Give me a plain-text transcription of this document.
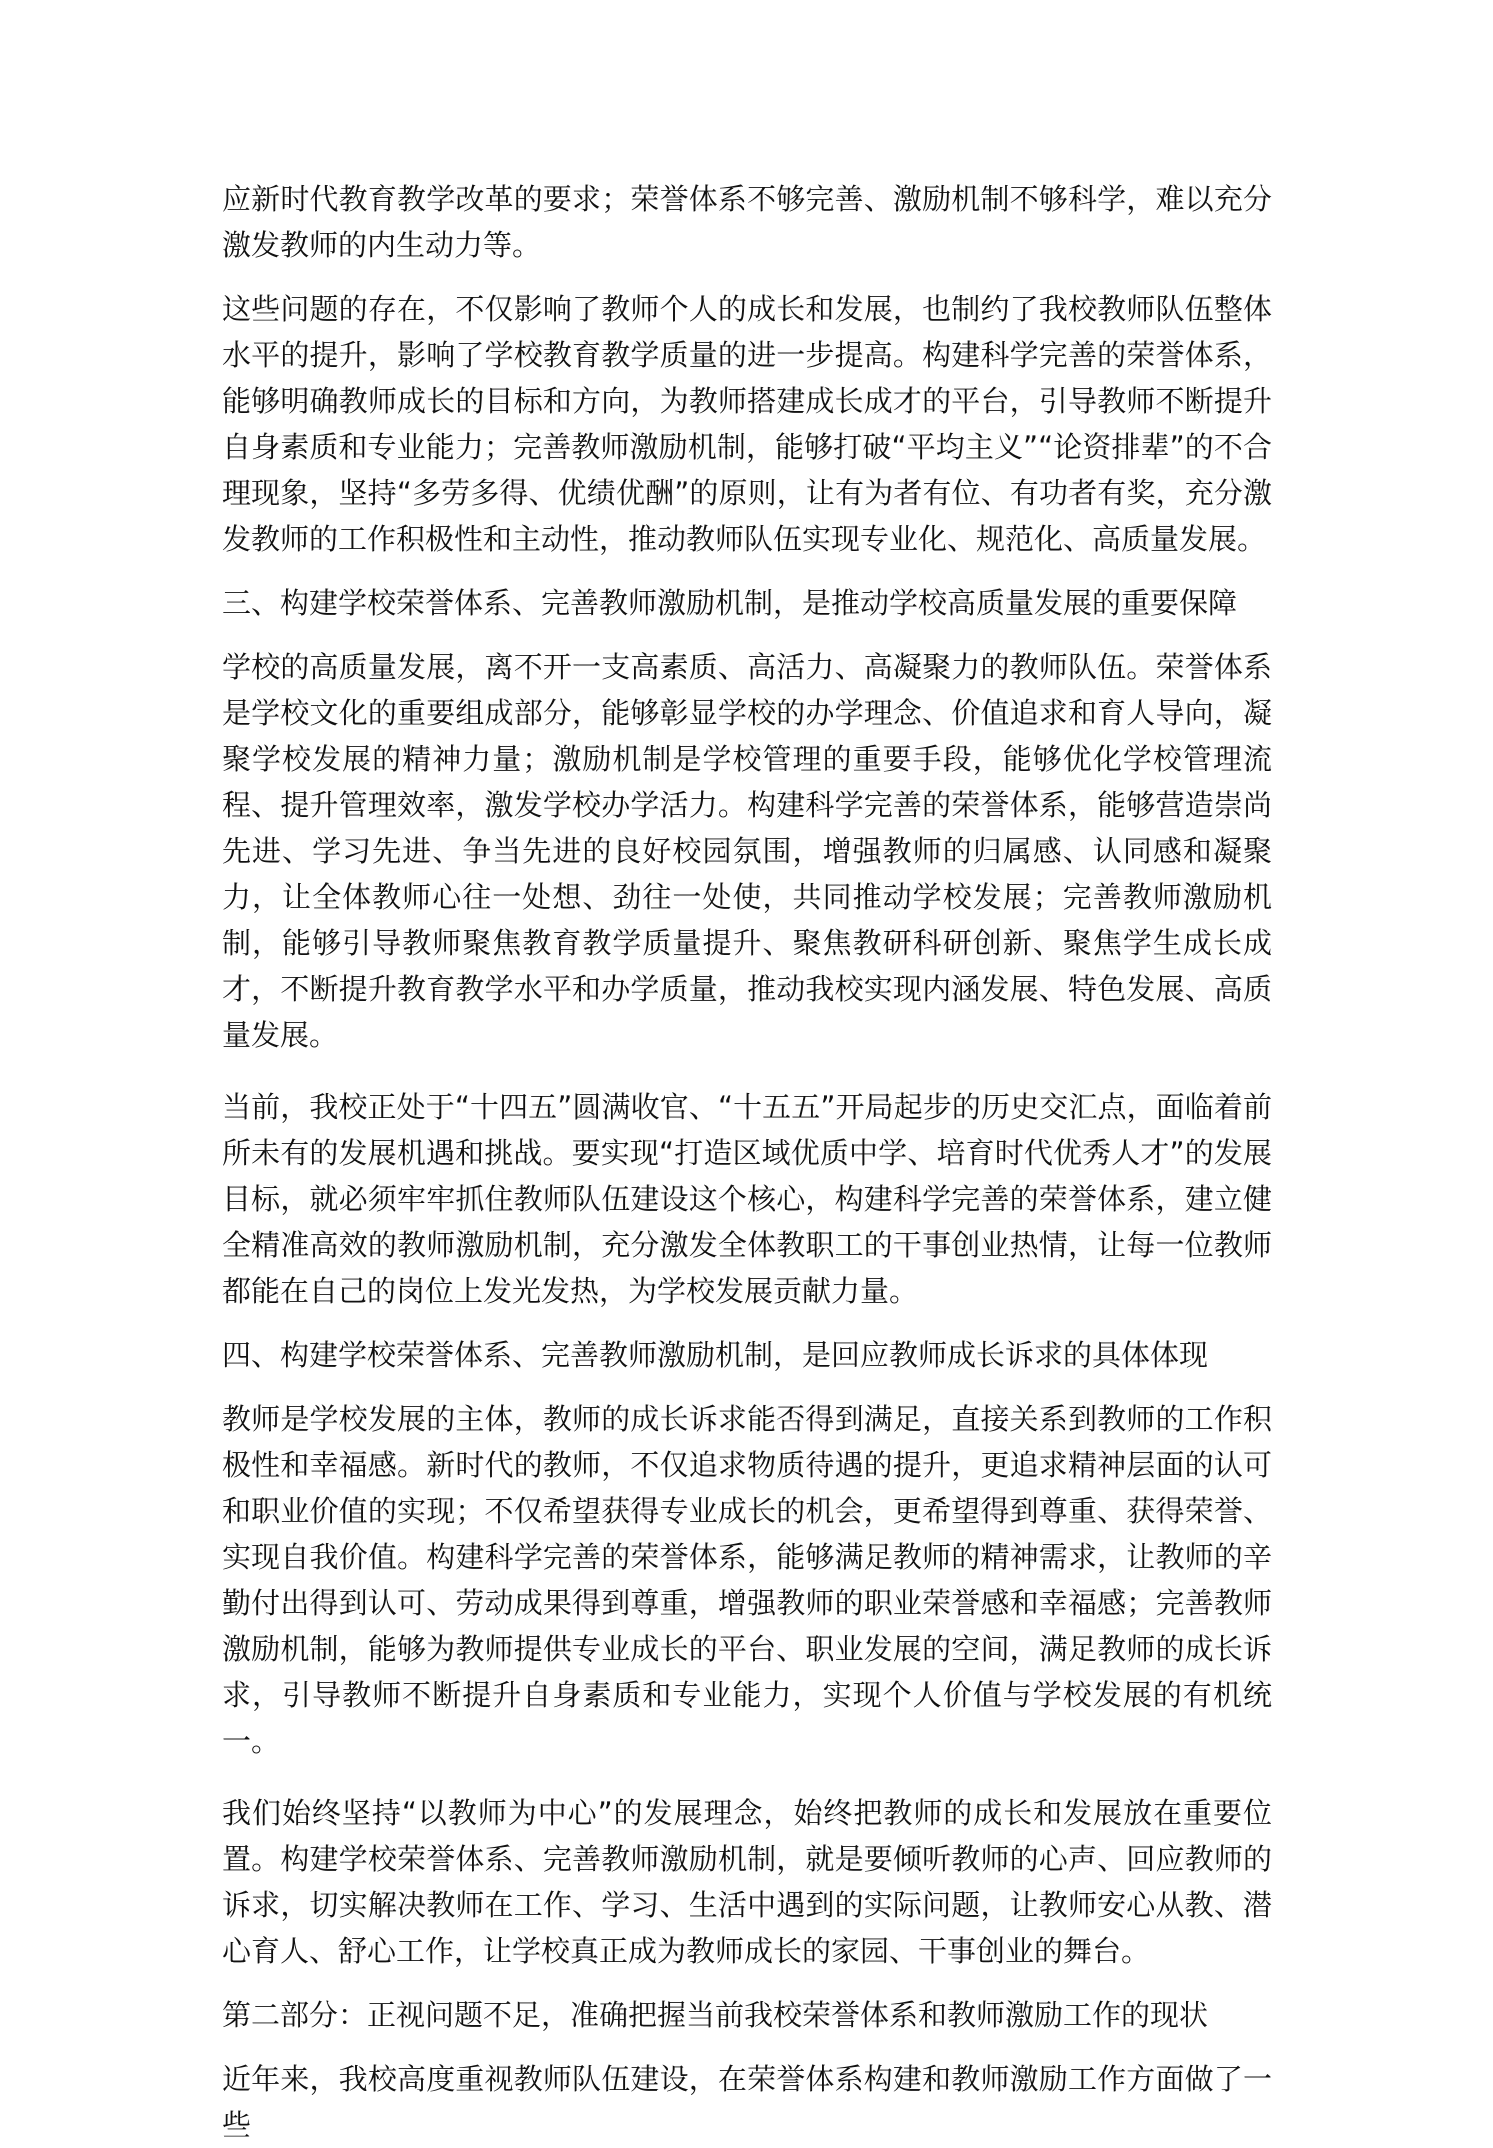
应新时代教育教学改革的要求；荣誉体系不够完善、激励机制不够科学，难以充分激发教师的内生动力等。

这些问题的存在，不仅影响了教师个人的成长和发展，也制约了我校教师队伍整体水平的提升，影响了学校教育教学质量的进一步提高。构建科学完善的荣誉体系，能够明确教师成长的目标和方向，为教师搭建成长成才的平台，引导教师不断提升自身素质和专业能力；完善教师激励机制，能够打破“平均主义”“论资排辈”的不合理现象，坚持“多劳多得、优绩优酬”的原则，让有为者有位、有功者有奖，充分激发教师的工作积极性和主动性，推动教师队伍实现专业化、规范化、高质量发展。

三、构建学校荣誉体系、完善教师激励机制，是推动学校高质量发展的重要保障

学校的高质量发展，离不开一支高素质、高活力、高凝聚力的教师队伍。荣誉体系是学校文化的重要组成部分，能够彰显学校的办学理念、价值追求和育人导向，凝聚学校发展的精神力量；激励机制是学校管理的重要手段，能够优化学校管理流程、提升管理效率，激发学校办学活力。构建科学完善的荣誉体系，能够营造崇尚先进、学习先进、争当先进的良好校园氛围，增强教师的归属感、认同感和凝聚力，让全体教师心往一处想、劲往一处使，共同推动学校发展；完善教师激励机制，能够引导教师聚焦教育教学质量提升、聚焦教研科研创新、聚焦学生成长成才，不断提升教育教学水平和办学质量，推动我校实现内涵发展、特色发展、高质量发展。

当前，我校正处于“十四五”圆满收官、“十五五”开局起步的历史交汇点，面临着前所未有的发展机遇和挑战。要实现“打造区域优质中学、培育时代优秀人才”的发展目标，就必须牢牢抓住教师队伍建设这个核心，构建科学完善的荣誉体系，建立健全精准高效的教师激励机制，充分激发全体教职工的干事创业热情，让每一位教师都能在自己的岗位上发光发热，为学校发展贡献力量。

四、构建学校荣誉体系、完善教师激励机制，是回应教师成长诉求的具体体现

教师是学校发展的主体，教师的成长诉求能否得到满足，直接关系到教师的工作积极性和幸福感。新时代的教师，不仅追求物质待遇的提升，更追求精神层面的认可和职业价值的实现；不仅希望获得专业成长的机会，更希望得到尊重、获得荣誉、实现自我价值。构建科学完善的荣誉体系，能够满足教师的精神需求，让教师的辛勤付出得到认可、劳动成果得到尊重，增强教师的职业荣誉感和幸福感；完善教师激励机制，能够为教师提供专业成长的平台、职业发展的空间，满足教师的成长诉求，引导教师不断提升自身素质和专业能力，实现个人价值与学校发展的有机统一。

我们始终坚持“以教师为中心”的发展理念，始终把教师的成长和发展放在重要位置。构建学校荣誉体系、完善教师激励机制，就是要倾听教师的心声、回应教师的诉求，切实解决教师在工作、学习、生活中遇到的实际问题，让教师安心从教、潜心育人、舒心工作，让学校真正成为教师成长的家园、干事创业的舞台。

第二部分：正视问题不足，准确把握当前我校荣誉体系和教师激励工作的现状

近年来，我校高度重视教师队伍建设，在荣誉体系构建和教师激励工作方面做了一些
